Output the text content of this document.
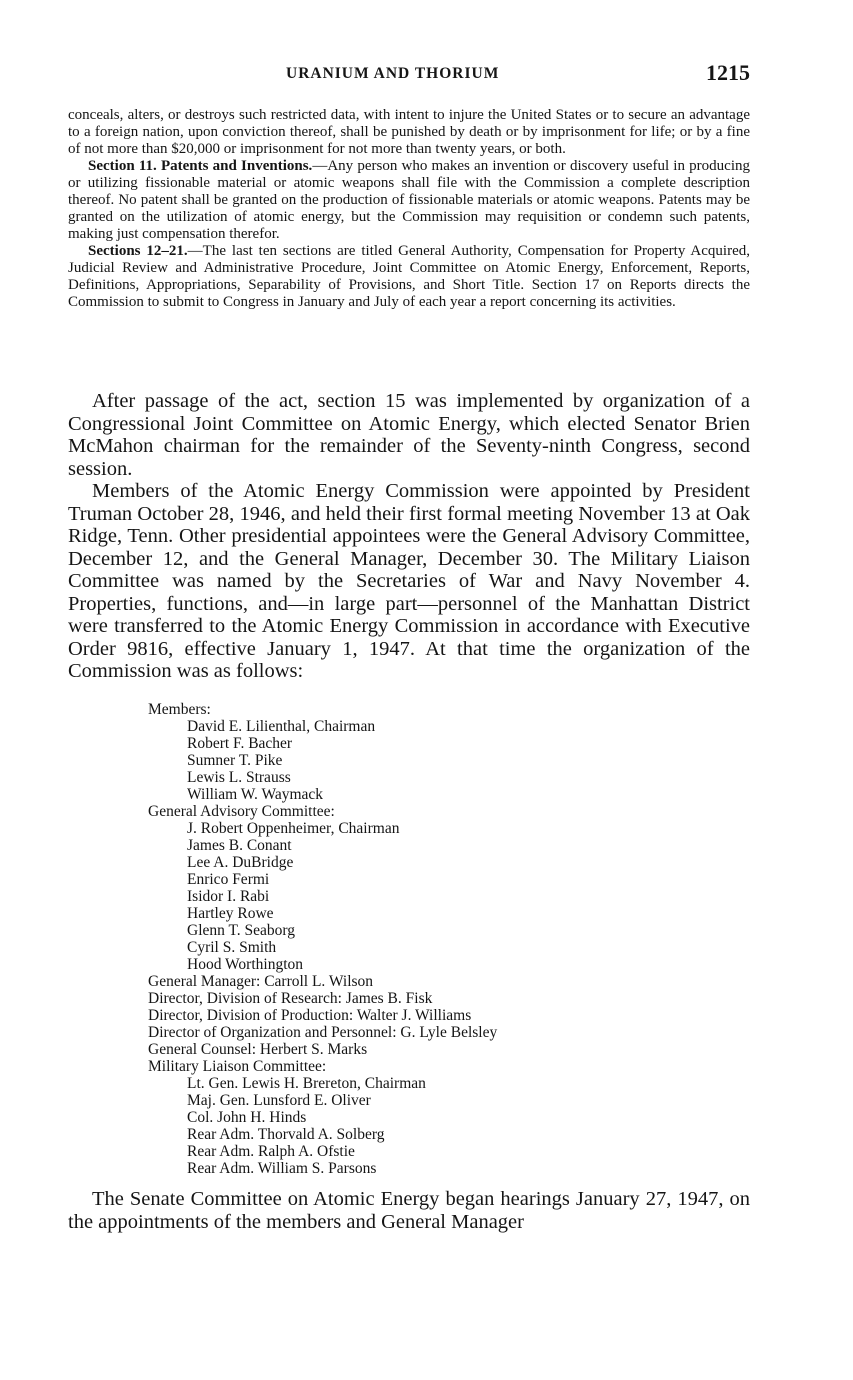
URANIUM AND THORIUM	1215

conceals, alters, or destroys such restricted data, with intent to injure the United States or to secure an advantage to a foreign nation, upon conviction thereof, shall be punished by death or by imprisonment for life; or by a fine of not more than $20,000 or imprisonment for not more than twenty years, or both.

Section 11. Patents and Inventions.—Any person who makes an invention or discovery useful in producing or utilizing fissionable material or atomic weapons shall file with the Commission a complete description thereof. No patent shall be granted on the production of fissionable materials or atomic weapons. Patents may be granted on the utilization of atomic energy, but the Commission may requisition or condemn such patents, making just compensation therefor.

Sections 12–21.—The last ten sections are titled General Authority, Compensation for Property Acquired, Judicial Review and Administrative Procedure, Joint Committee on Atomic Energy, Enforcement, Reports, Definitions, Appropriations, Separability of Provisions, and Short Title. Section 17 on Reports directs the Commission to submit to Congress in January and July of each year a report concerning its activities.

After passage of the act, section 15 was implemented by organization of a Congressional Joint Committee on Atomic Energy, which elected Senator Brien McMahon chairman for the remainder of the Seventy-ninth Congress, second session.

Members of the Atomic Energy Commission were appointed by President Truman October 28, 1946, and held their first formal meeting November 13 at Oak Ridge, Tenn. Other presidential appointees were the General Advisory Committee, December 12, and the General Manager, December 30. The Military Liaison Committee was named by the Secretaries of War and Navy November 4. Properties, functions, and—in large part—personnel of the Manhattan District were transferred to the Atomic Energy Commission in accordance with Executive Order 9816, effective January 1, 1947. At that time the organization of the Commission was as follows:

Members:
David E. Lilienthal, Chairman
Robert F. Bacher
Sumner T. Pike
Lewis L. Strauss
William W. Waymack
General Advisory Committee:
J. Robert Oppenheimer, Chairman
James B. Conant
Lee A. DuBridge
Enrico Fermi
Isidor I. Rabi
Hartley Rowe
Glenn T. Seaborg
Cyril S. Smith
Hood Worthington
General Manager: Carroll L. Wilson
Director, Division of Research: James B. Fisk
Director, Division of Production: Walter J. Williams
Director of Organization and Personnel: G. Lyle Belsley
General Counsel: Herbert S. Marks
Military Liaison Committee:
Lt. Gen. Lewis H. Brereton, Chairman
Maj. Gen. Lunsford E. Oliver
Col. John H. Hinds
Rear Adm. Thorvald A. Solberg
Rear Adm. Ralph A. Ofstie
Rear Adm. William S. Parsons

The Senate Committee on Atomic Energy began hearings January 27, 1947, on the appointments of the members and General Manager
